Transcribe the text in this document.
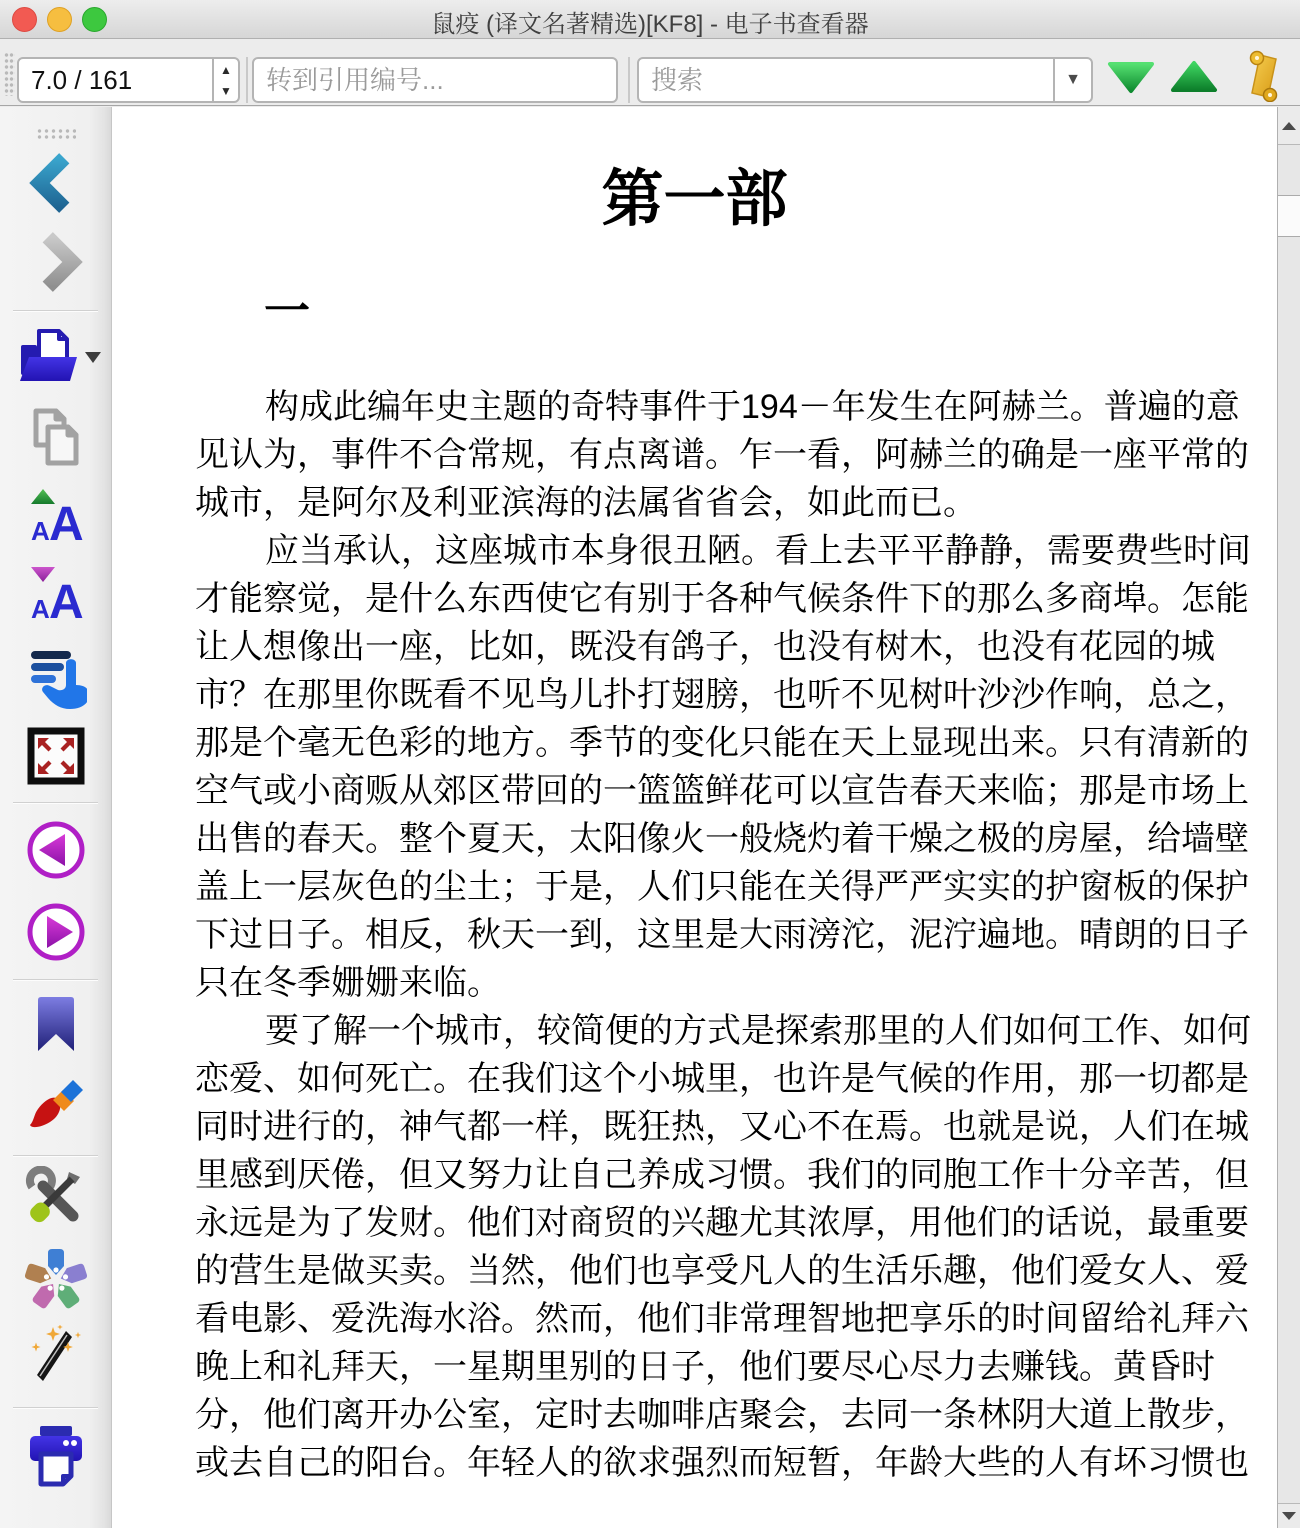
鼠疫 (译文名著精选)[KF8] - 电子书查看器
7.0 / 161
▲
▼
转到引用编号...
搜索
▼
A A
A A
第一部
一
构成此编年史主题的奇特事件于194－年发生在阿赫兰。普遍的意
见认为，事件不合常规，有点离谱。乍一看，阿赫兰的确是一座平常的
城市，是阿尔及利亚滨海的法属省省会，如此而已。
应当承认，这座城市本身很丑陋。看上去平平静静，需要费些时间
才能察觉，是什么东西使它有别于各种气候条件下的那么多商埠。怎能
让人想像出一座，比如，既没有鸽子，也没有树木，也没有花园的城
市？在那里你既看不见鸟儿扑打翅膀，也听不见树叶沙沙作响，总之，
那是个毫无色彩的地方。季节的变化只能在天上显现出来。只有清新的
空气或小商贩从郊区带回的一篮篮鲜花可以宣告春天来临；那是市场上
出售的春天。整个夏天，太阳像火一般烧灼着干燥之极的房屋，给墙壁
盖上一层灰色的尘土；于是，人们只能在关得严严实实的护窗板的保护
下过日子。相反，秋天一到，这里是大雨滂沱，泥泞遍地。晴朗的日子
只在冬季姗姗来临。
要了解一个城市，较简便的方式是探索那里的人们如何工作、如何
恋爱、如何死亡。在我们这个小城里，也许是气候的作用，那一切都是
同时进行的，神气都一样，既狂热，又心不在焉。也就是说，人们在城
里感到厌倦，但又努力让自己养成习惯。我们的同胞工作十分辛苦，但
永远是为了发财。他们对商贸的兴趣尤其浓厚，用他们的话说，最重要
的营生是做买卖。当然，他们也享受凡人的生活乐趣，他们爱女人、爱
看电影、爱洗海水浴。然而，他们非常理智地把享乐的时间留给礼拜六
晚上和礼拜天，一星期里别的日子，他们要尽心尽力去赚钱。黄昏时
分，他们离开办公室，定时去咖啡店聚会，去同一条林阴大道上散步，
或去自己的阳台。年轻人的欲求强烈而短暂，年龄大些的人有坏习惯也
